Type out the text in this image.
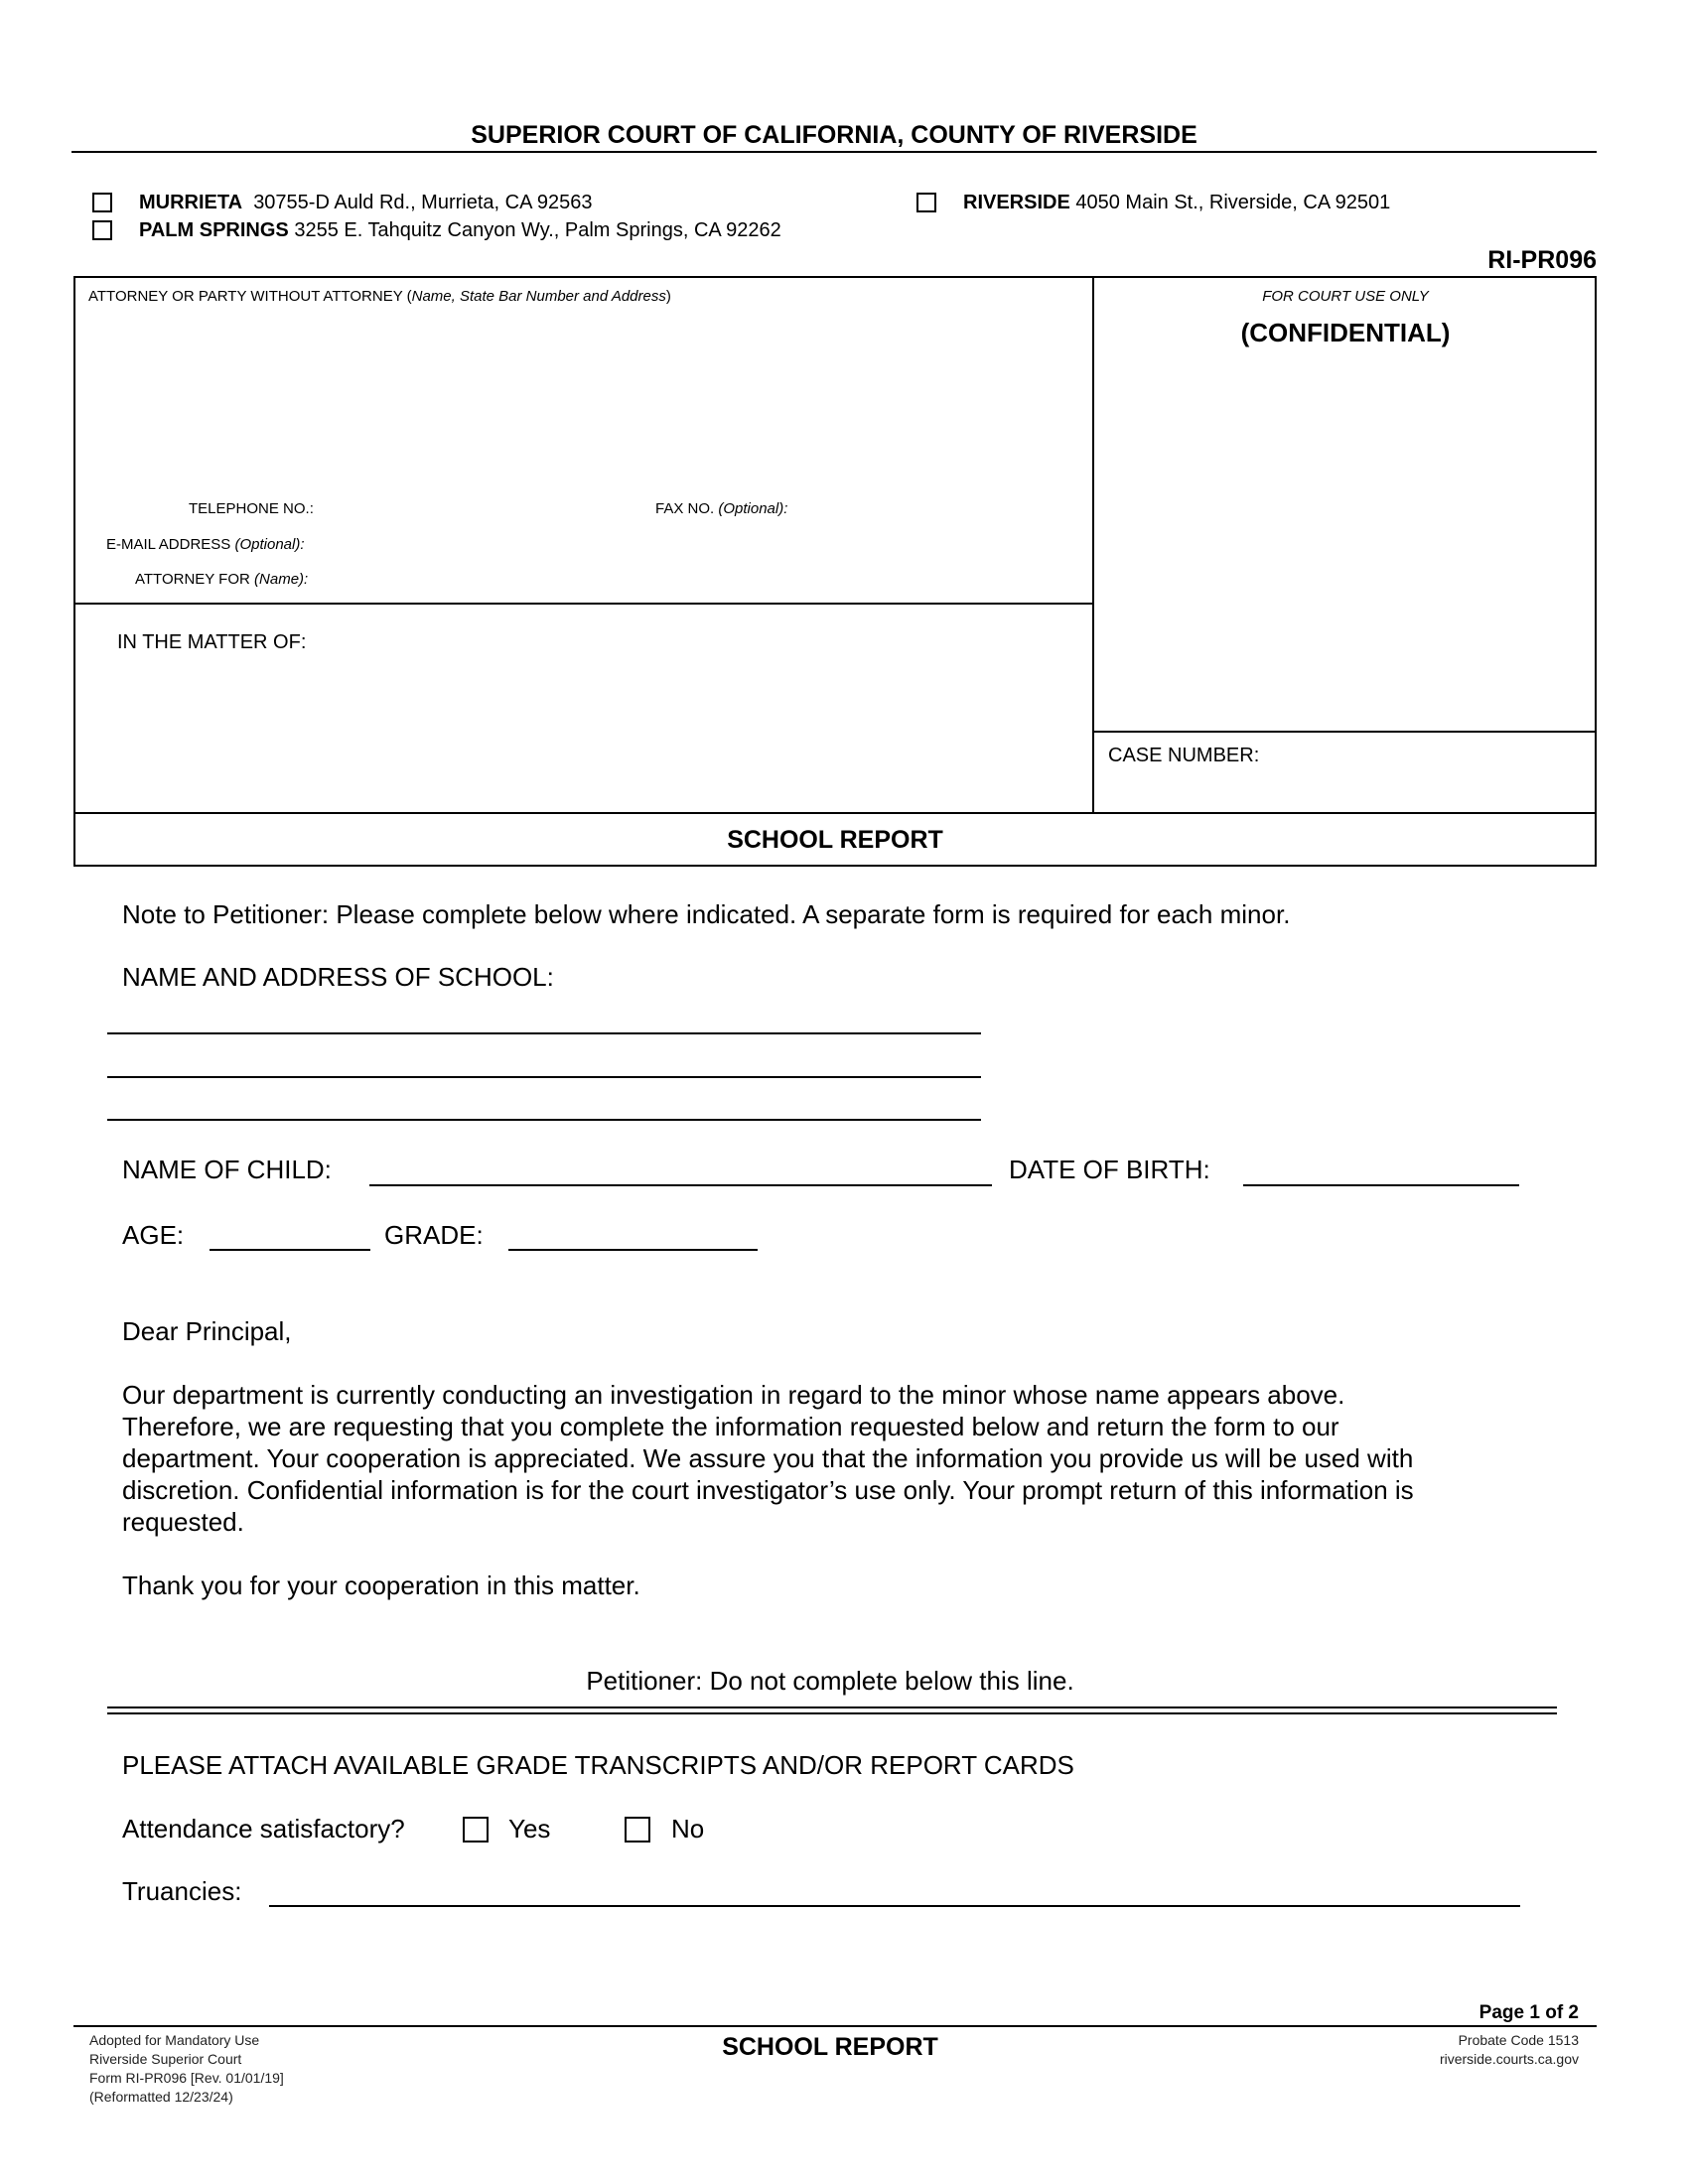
SUPERIOR COURT OF CALIFORNIA, COUNTY OF RIVERSIDE
MURRIETA 30755-D Auld Rd., Murrieta, CA 92563
PALM SPRINGS 3255 E. Tahquitz Canyon Wy., Palm Springs, CA 92262
RIVERSIDE 4050 Main St., Riverside, CA 92501
RI-PR096
ATTORNEY OR PARTY WITHOUT ATTORNEY (Name, State Bar Number and Address)
TELEPHONE NO.:	FAX NO. (Optional):
E-MAIL ADDRESS (Optional):
ATTORNEY FOR (Name):
FOR COURT USE ONLY
(CONFIDENTIAL)
IN THE MATTER OF:
CASE NUMBER:
SCHOOL REPORT
Note to Petitioner: Please complete below where indicated. A separate form is required for each minor.
NAME AND ADDRESS OF SCHOOL:
NAME OF CHILD:	DATE OF BIRTH:
AGE:	GRADE:
Dear Principal,
Our department is currently conducting an investigation in regard to the minor whose name appears above.
Therefore, we are requesting that you complete the information requested below and return the form to our
department. Your cooperation is appreciated. We assure you that the information you provide us will be used with
discretion. Confidential information is for the court investigator’s use only. Your prompt return of this information is
requested.
Thank you for your cooperation in this matter.
Petitioner: Do not complete below this line.
PLEASE ATTACH AVAILABLE GRADE TRANSCRIPTS AND/OR REPORT CARDS
Attendance satisfactory?	Yes	No
Truancies:
Page 1 of 2
Adopted for Mandatory Use
Riverside Superior Court
Form RI-PR096 [Rev. 01/01/19]
(Reformatted 12/23/24)
SCHOOL REPORT	Probate Code 1513
riverside.courts.ca.gov
